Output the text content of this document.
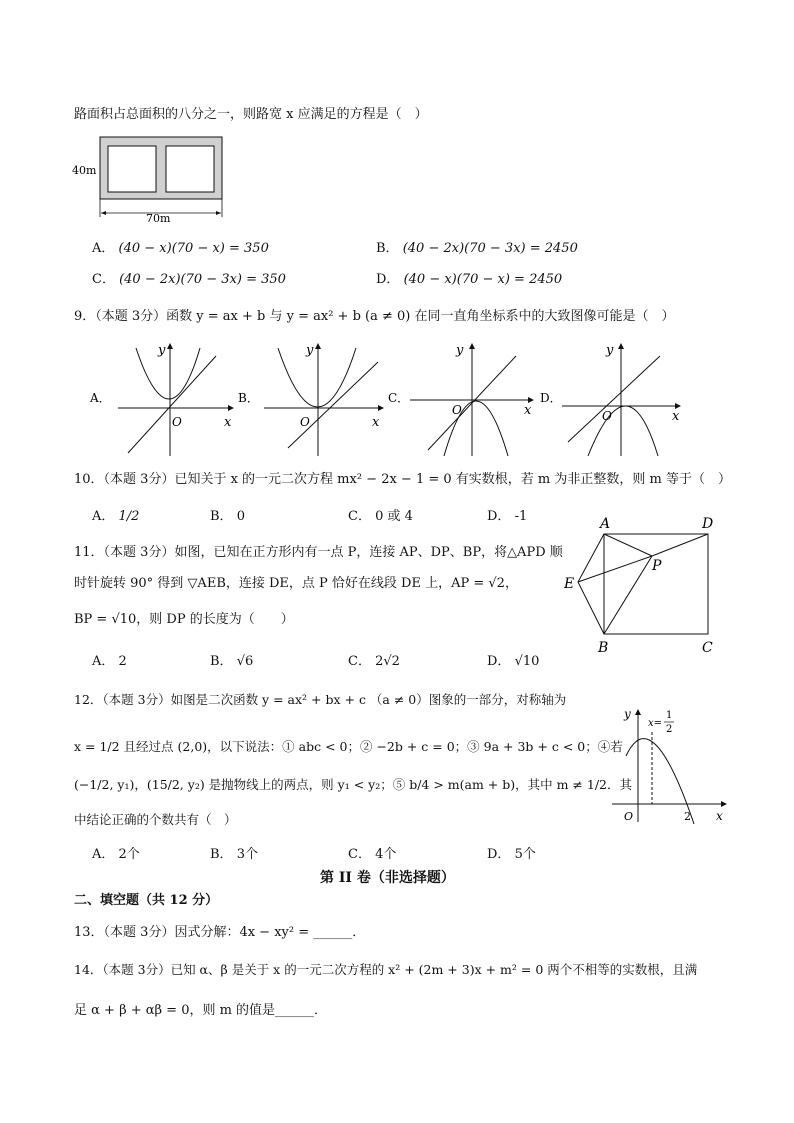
路面积占总面积的八分之一，则路宽 x 应满足的方程是（　）
40m
70m
A． (40 − x)(70 − x) = 350	B． (40 − 2x)(70 − 3x) = 2450
C． (40 − 2x)(70 − 3x) = 350	D． (40 − x)(70 − x) = 2450
9．（本题 3分）函数 y = ax + b 与 y = ax² + b (a ≠ 0) 在同一直角坐标系中的大致图像可能是（　）
A．
y
x
O
B．
y
x
O
C．
y
x
O
D．
y
x
O
10．（本题 3分）已知关于 x 的一元二次方程 mx² − 2x − 1 = 0 有实数根，若 m 为非正整数，则 m 等于（　）
A． 1/2	B． 0	C． 0 或 4	D． -1
11．（本题 3分）如图，已知在正方形内有一点 P，连接 AP、DP、BP，将△APD 顺
时针旋转 90° 得到 ▽AEB，连接 DE，点 P 恰好在线段 DE 上，AP = √2，
BP = √10，则 DP 的长度为（　　）
A	D
E
P
B	C
A． 2	B． √6	C． 2√2	D． √10
12．（本题 3分）如图是二次函数 y = ax² + bx + c （a ≠ 0）图象的一部分，对称轴为
x = 1/2 且经过点 (2,0)，以下说法：① abc < 0；② −2b + c = 0；③ 9a + 3b + c < 0；④若
(−1/2, y₁)，(15/2, y₂) 是抛物线上的两点，则 y₁ < y₂；⑤ b/4 > m(am + b)，其中 m ≠ 1/2．其
中结论正确的个数共有（　）
y
x
O
x=
1
2
2
A． 2个	B． 3个	C． 4个	D． 5个
第 II 卷（非选择题）
二、填空题（共 12 分）
13．（本题 3分）因式分解：4x − xy² = ______．
14．（本题 3分）已知 α、β 是关于 x 的一元二次方程的 x² + (2m + 3)x + m² = 0 两个不相等的实数根，且满
足 α + β + αβ = 0，则 m 的值是______．
